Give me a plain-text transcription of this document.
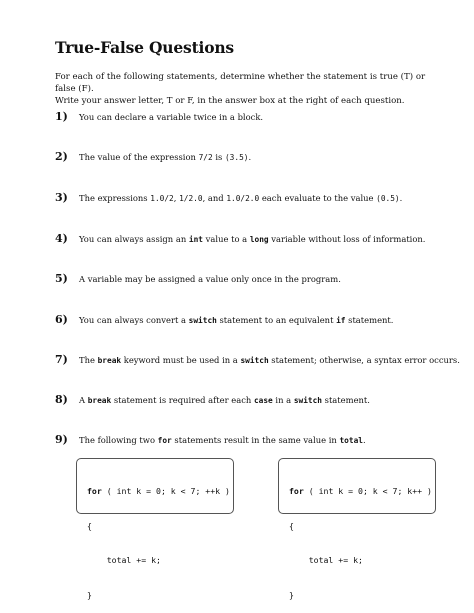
True-False Questions
For each of the following statements, determine whether the statement is true (T) or false (F).
Write your answer letter, T or F, in the answer box at the right of each question.
1)	You can declare a variable twice in a block.
2)	The value of the expression 7/2 is (3.5).
3)	The expressions 1.0/2, 1/2.0, and 1.0/2.0 each evaluate to the value (0.5).
4)	You can always assign an int value to a long variable without loss of information.
5)	A variable may be assigned a value only once in the program.
6)	You can always convert a switch statement to an equivalent if statement.
7)	The break keyword must be used in a switch statement; otherwise, a syntax error occurs.
8)	A break statement is required after each case in a switch statement.
9)	The following two for statements result in the same value in total.

for ( int k = 0; k < 7; ++k )

{

total += k;

}

for ( int k = 0; k < 7; k++ )

{

total += k;

}
